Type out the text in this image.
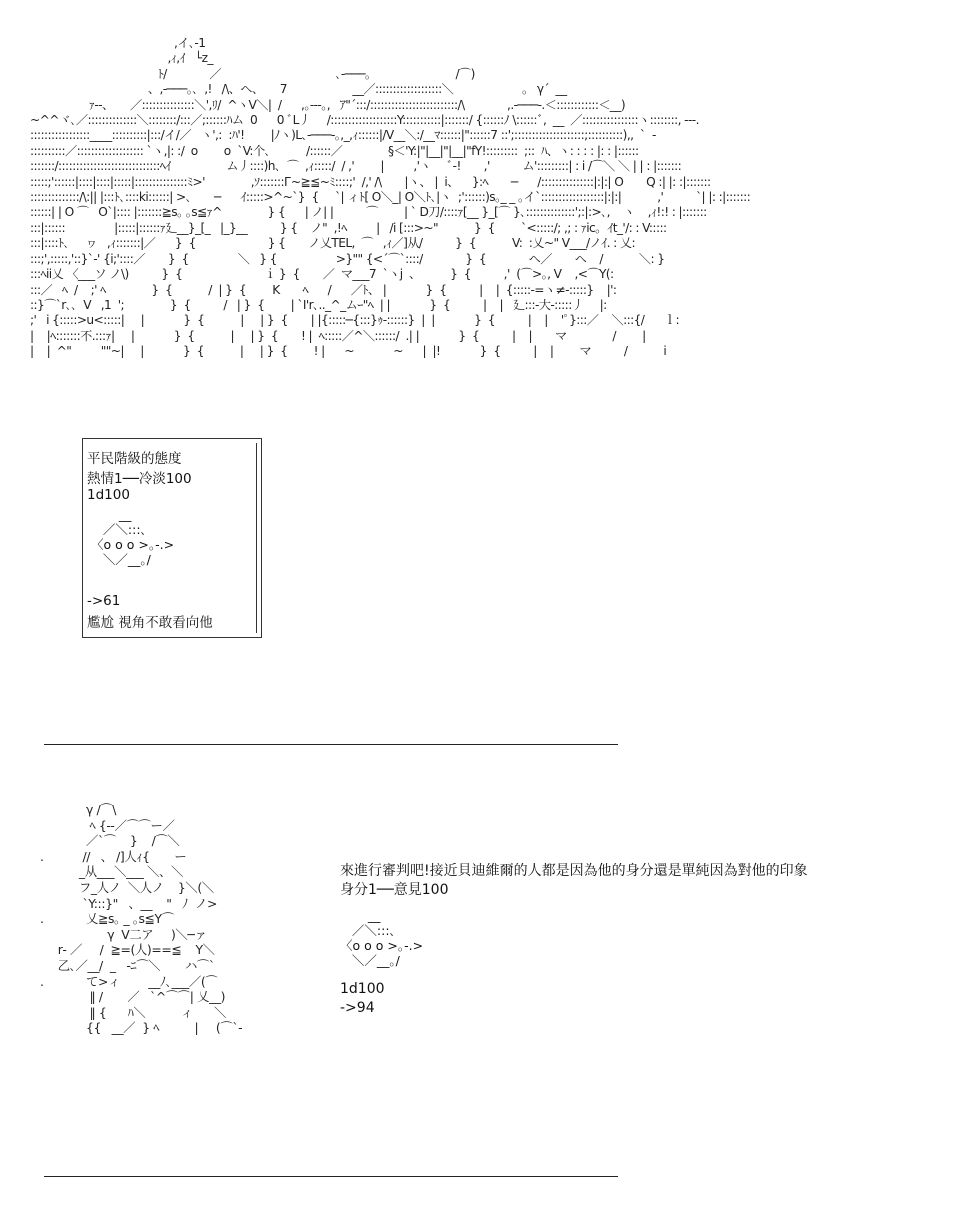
,イ､-1
,ｨ,ｲ   └z_
ﾄ/             ／                                   ､-───｡                          /⌒)
、,-───｡､  ,!   /\、ヘ、     7                    __／:::::::::::::::::::＼                     。 γ´  __
ｧ‐‐、     ／:::::::::::::::＼',ﾘ/  ^ヽV＼|  /      ,｡-‐-｡,   ｱ"´:::/:::::::::::::::::::::::::/\             ,.-───-.＜::::::::::::＜__)
~^^ヾ､／::::::::::::::＼::::::::/:::／;::::::ﾊム  0      0 ﾞL丿     /:::::::::::::::::::Y:::::::::::|:::::::/ {::::::ﾉ \::::::ﾞ,  __  ／::::::::::::::::ヽ::::::::, -‐-.
:::::::::::::::::____::::::::::|:::/イ/／   ヽ',:  :ﾊ'!        |ﾉヽ)L､-───‐｡,_,ｨ::::::|/V__＼:/__ﾏ::::::|"::::::7 ::';::::::::::::::::::::;::::::::::),,  `  -
::::::::::／::::::::::::::::::: `ヽ,|: :/  o        o  `V:个､           /::::::／              §＜'Y:|"|__|"|__|"fY!:::::::::  ;::  ﾊ、ヽ: : : : |: : |::::::
:::::::/:::::::::::::::::::::::::::::ﾍｲ                 ム丿::::)h､  ⌒  ,ｨ:::::/  / ,'        |         ,'ヽ     ﾞ-!       ,'          ム':::::::::| : i /⌒＼ ＼ | | : |:::::::
:::::;'::::::|::::|::::|:::::|:::::::::::::::ﾐ>'              ,ｿ:::::::Г~≧≦~ﾐ::::;'  /,' /\       |ヽ、 |  i、    }:ﾍ       ─      /:::::::::::::::|:|:| O       Q :| |: :|:::::::
::::::::::::::/\:|| |:::ﾄ､::::ki::::::| >､       ─      ｲ:::::>^~`}  {     `| ィﾄ[ O＼_| O＼ﾄ､|ヽ  ;'::::::)s｡_ _ ｡イ`::::::::::::::::::|:|:|           ,'          `| |: :|:::::::
::::::| | O ⌒   O`|:::: |:::::::≧s｡ ｡s≦ｧ^              } {      | ノ| |          ⌒        | ` D刀/::::ｧ[__ }_[⌒ }､::::::::::::::';:|:>､,    ヽ    ,ｨ!:! : |:::::::
:::|::::::               |:::::|::::::ｧ廴__}_[_   |_}__          } {    ノ"  ,!ﾍ         |   /i [:::>~"           }  {        `<:::::/; ,; : ｧic｡  ｲt_'/: : V:::::
:::|::::ﾄ､     ヮ   ,ｨ:::::::|／      }  {                      } {       ノ乂TEL,  ⌒   ,ｨ／]从/          }  {           V:  :乂~" V___/ノｲ. : 乂:
:::;',:::::,'::}`‐' {i;'::::／       }  {               ＼   } {                  >}"" {<´⌒`::::/             }  {             ヘ／       ヘ    /           ＼: }
:::ﾍii乂 〈___ソ ノ\)          }  {                         ｉ }  {       ／  マ___7  `ヽj  、         }  {          ,'  (⌒>｡, V    ,<⌒Y(:
:::／   ﾍ  /    ;' ﾍ              }  {           /  | }  {        K       ﾍ      /      ／ﾄ、 |            }  {          |    |  {:::::‐=ヽ≠‐:::::}    |':
::}⌒`r､､  V   ,1  ';              }  {          /   | }  {        | `I'r､.._^_ムｰ"ﾍ  | |            }  {          |    |   廴:::-大‐:::::丿     |:
;'   i {:::::>u<:::::|     |            }  {           |     | }  {       | |{:::::─{:::}ｩ‐::::::}  |  |            }  {          |    |    'ﾟ}:::／    ＼:::{/      ｌ:
|    |ﾍ:::::::不.:::ｧ|     |            }  {           |     | }  {       ! |  ﾍ:::::／^＼::::::/  .| |            }  {          |    |       マ              /        |
|    |  ^"         ""~|     |            }  {           |     | }  {        ! |      ~            ~      |  |!            }  {          |    |        マ          /           i
平民階級的態度
熱情1──冷淡100
1d100
__
／＼:::､
〈o o o >｡-.>
＼／__｡/
->61
尷尬 視角不敢看向他
γ /⌒\
ﾍ {--／⌒⌒ー／
／`⌒    }    /⌒＼
.           //   、 /]人ｨ{       ー
_从___＼___ ＼、＼
フ_人ノ  ＼人ノ    }＼(＼
`Y:::}"   、__    "   ﾉ  ノ>
.            乂≧s｡ _ ｡s≦Y⌒
γ  V二ア     )＼─ァ
r‐ ／     /  ≧=(人)==≦    Y＼
乙､／__/  _   -ﾆ⌒＼       ハ⌒`
.            て>ィ        __ﾉ､___／(⌒
‖ /       ／   `^⌒⌒| 乂__)
‖ {      ﾊ＼          ィ      ＼
{{   __／  } ﾍ          |     (⌒`-
來進行審判吧!接近貝迪維爾的人都是因為他的身分還是單純因為對他的印象
身分1──意見100
__
／＼:::､
〈o o o >｡-.>
＼／__｡/
1d100
->94
